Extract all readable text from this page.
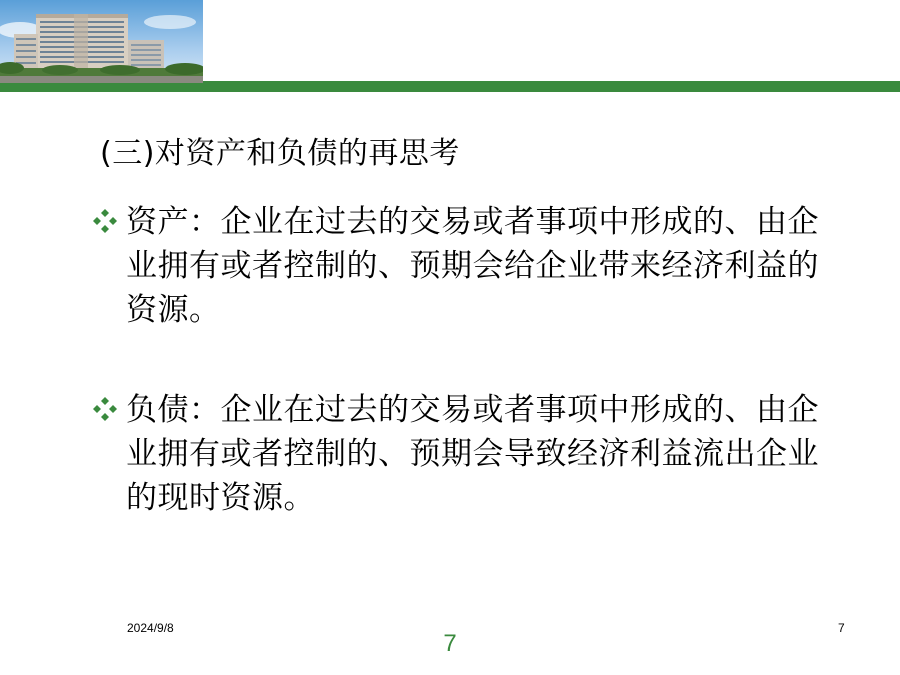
(三)对资产和负债的再思考
资产：企业在过去的交易或者事项中形成的、由企业拥有或者控制的、预期会给企业带来经济利益的资源。
负债：企业在过去的交易或者事项中形成的、由企业拥有或者控制的、预期会导致经济利益流出企业的现时资源。
2024/9/8	7
7
